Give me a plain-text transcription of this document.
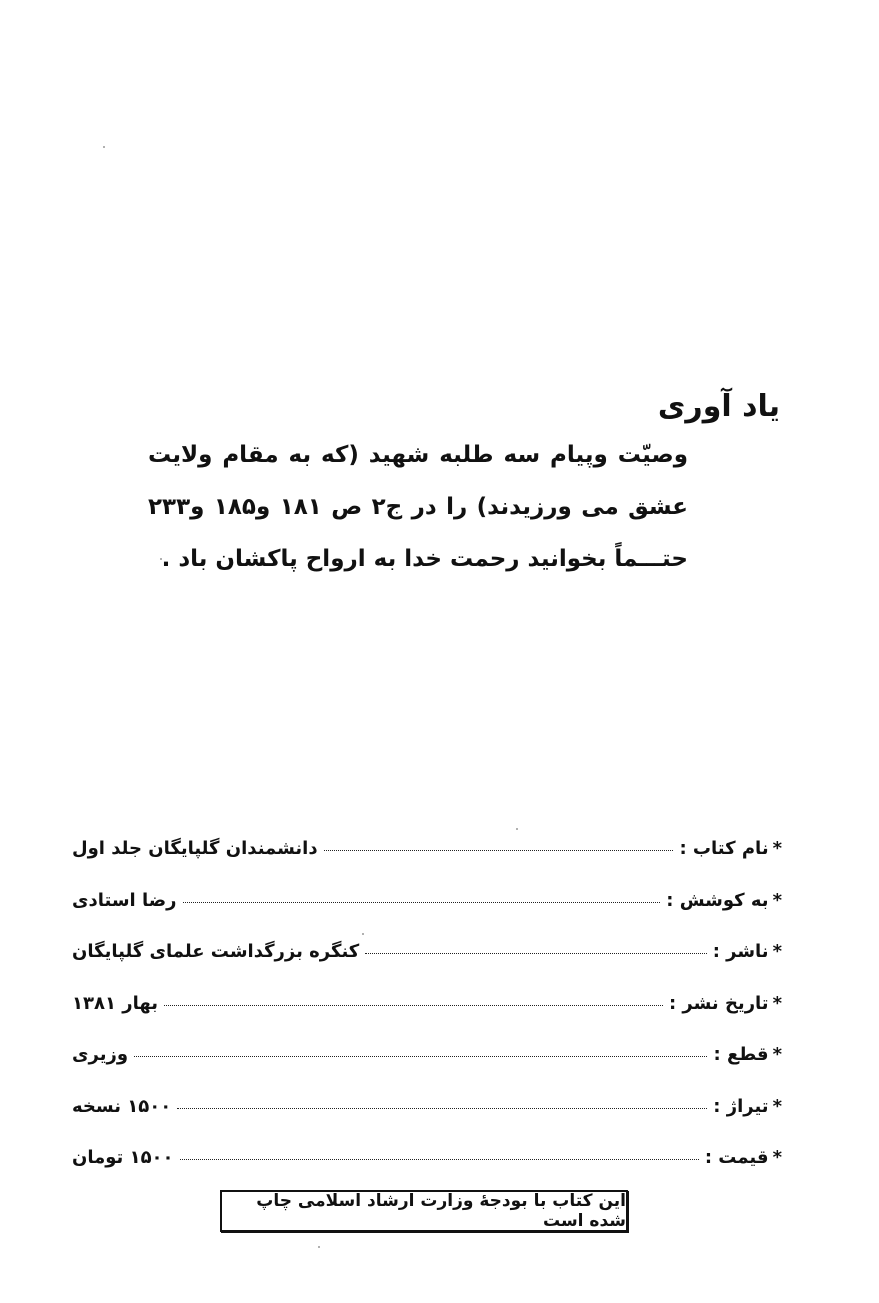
یاد آوری

وصیّت وپیام سه طلبه شهید (که به مقام ولایت عشق می ورزیدند) را در ج۲ ص ۱۸۱ و۱۸۵ و۲۳۳ حتـــماً بخوانید رحمت خدا به ارواح پاکشان باد .

*نام کتاب :
دانشمندان گلپایگان جلد اول
*به کوشش :
رضا استادی
*ناشر :
کنگره بزرگداشت علمای گلپایگان
*تاریخ نشر :
بهار ۱۳۸۱
*قطع :
وزیری
*تیراژ :
۱۵۰۰ نسخه
*قیمت :
۱۵۰۰ تومان
این کتاب با بودجهٔ وزارت ارشاد اسلامی چاپ شده است
